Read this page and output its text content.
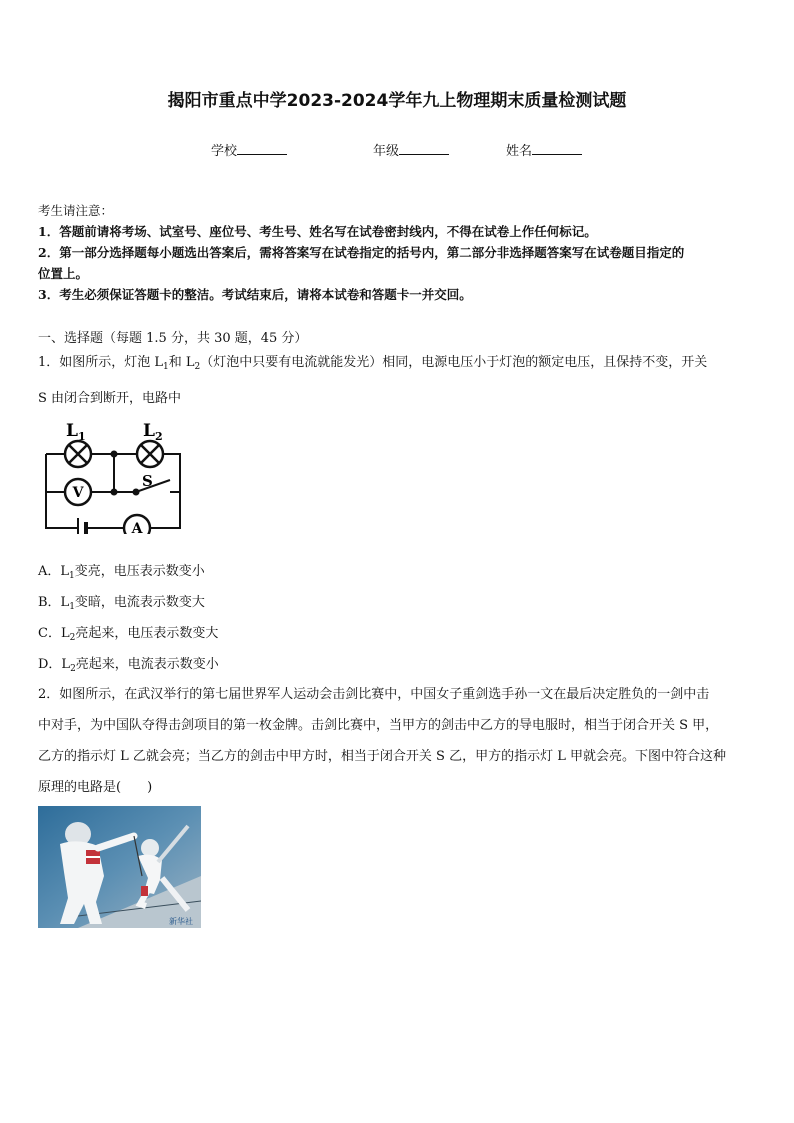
揭阳市重点中学2023-2024学年九上物理期末质量检测试题
学校	年级	姓名
考生请注意：
1．答题前请将考场、试室号、座位号、考生号、姓名写在试卷密封线内，不得在试卷上作任何标记。
2．第一部分选择题每小题选出答案后，需将答案写在试卷指定的括号内，第二部分非选择题答案写在试卷题目指定的
位置上。
3．考生必须保证答题卡的整洁。考试结束后，请将本试卷和答题卡一并交回。
一、选择题（每题 1.5 分，共 30 题，45 分）
1．如图所示，灯泡 $L_1$和 $L_2$（灯泡中只要有电流就能发光）相同，电源电压小于灯泡的额定电压，且保持不变，开关
S 由闭合到断开，电路中
V
A
$L_1$	$L_2$
S
A．$L_1$变亮，电压表示数变小
B．$L_1$变暗，电流表示数变大
C．$L_2$亮起来，电压表示数变大
D．$L_2$亮起来，电流表示数变小
2．如图所示，在武汉举行的第七届世界军人运动会击剑比赛中，中国女子重剑选手孙一文在最后决定胜负的一剑中击
中对手，为中国队夺得击剑项目的第一枚金牌。击剑比赛中，当甲方的剑击中乙方的导电服时，相当于闭合开关 S 甲，
乙方的指示灯 L 乙就会亮；当乙方的剑击中甲方时，相当于闭合开关 S 乙，甲方的指示灯 L 甲就会亮。下图中符合这种
原理的电路是(　　)
新华社
